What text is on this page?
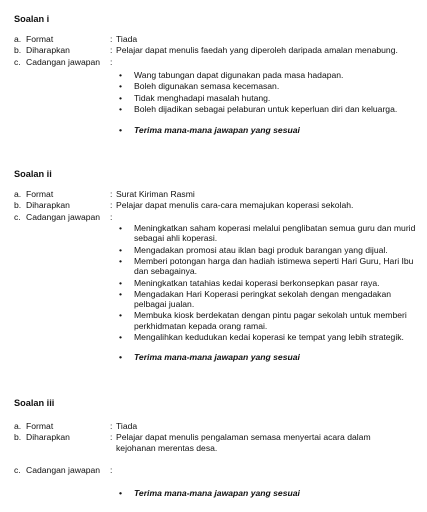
Soalan i
a. Format	: Tiada
b. Diharapkan	: Pelajar dapat menulis faedah yang diperoleh daripada amalan menabung.
c. Cadangan jawapan	:
• Wang tabungan dapat digunakan pada masa hadapan.
• Boleh digunakan semasa kecemasan.
• Tidak menghadapi masalah hutang.
• Boleh dijadikan sebagai pelaburan untuk keperluan diri dan keluarga.
• Terima mana-mana jawapan yang sesuai
Soalan ii
a. Format	: Surat Kiriman Rasmi
b. Diharapkan	: Pelajar dapat menulis cara-cara memajukan koperasi sekolah.
c. Cadangan jawapan	:
• Meningkatkan saham koperasi melalui penglibatan semua guru dan murid sebagai ahli koperasi.
• Mengadakan promosi atau iklan bagi produk barangan yang dijual.
• Memberi potongan harga dan hadiah istimewa seperti Hari Guru, Hari Ibu dan sebagainya.
• Meningkatkan tatahias kedai koperasi berkonsepkan pasar raya.
• Mengadakan Hari Koperasi peringkat sekolah dengan mengadakan pelbagai jualan.
• Membuka kiosk berdekatan dengan pintu pagar sekolah untuk memberi perkhidmatan kepada orang ramai.
• Mengalihkan kedudukan kedai koperasi ke tempat yang lebih strategik.
• Terima mana-mana jawapan yang sesuai
Soalan iii
a. Format	: Tiada
b. Diharapkan	: Pelajar dapat menulis pengalaman semasa menyertai acara dalam kejohanan merentas desa.
c. Cadangan jawapan	:
• Terima mana-mana jawapan yang sesuai
